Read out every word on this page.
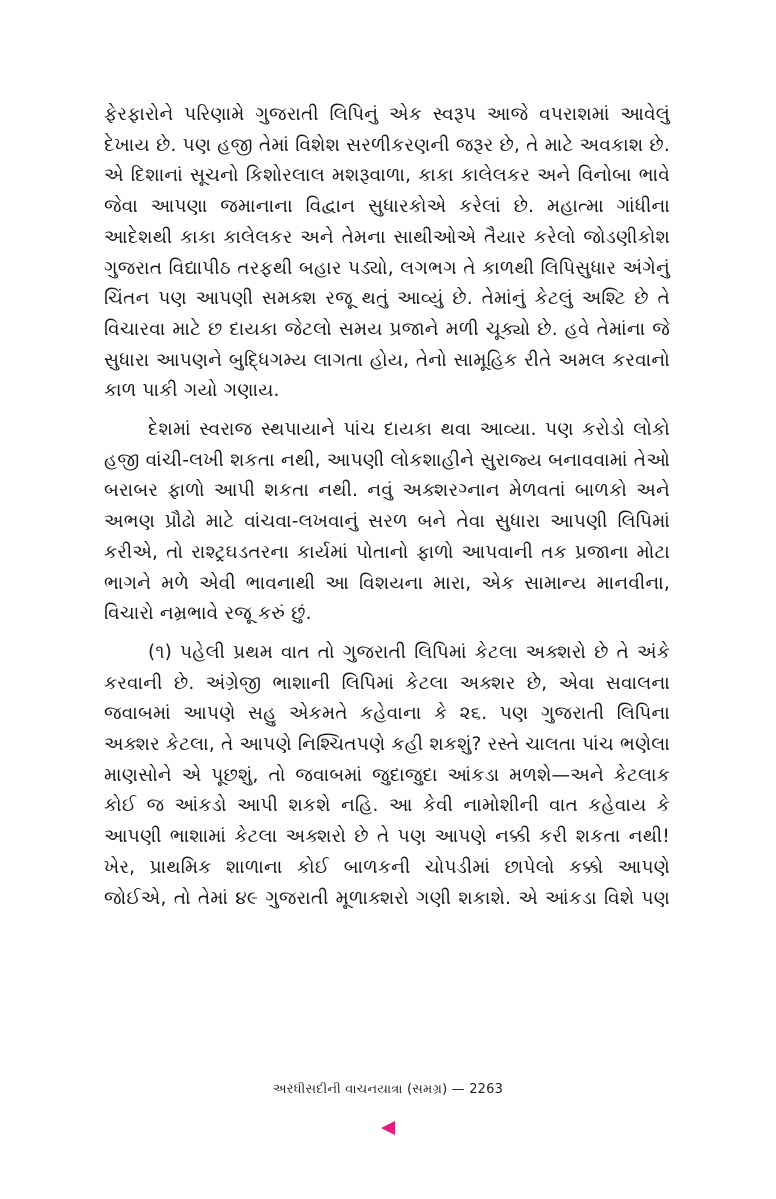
ફેરફારોને પરિણામે ગુજરાતી લિપિનું એક સ્વરૂપ આજે વપરાશમાં આવેલું દેખાય છે. પણ હજી તેમાં વિશેશ સરળીકરણની જરૂર છે, તે માટે અવકાશ છે. એ દિશાનાં સૂચનો કિશોરલાલ મશરૂવાળા, કાકા કાલેલકર અને વિનોબા ભાવે જેવા આપણા જમાનાના વિદ્વાન સુધારકોએ કરેલાં છે. મહાત્મા ગાંધીના આદેશથી કાકા કાલેલકર અને તેમના સાથીઓએ તૈયાર કરેલો જોડણીકોશ ગુજરાત વિદ્યાપીઠ તરફથી બહાર પડ્યો, લગભગ તે કાળથી લિપિસુધાર અંગેનું ચિંતન પણ આપણી સમક્શ રજૂ થતું આવ્યું છે. તેમાંનું કેટલું અશ્ટિ છે તે વિચારવા માટે છ દાયકા જેટલો સમય પ્રજાને મળી ચૂક્યો છે. હવે તેમાંના જે સુધારા આપણને બુદ્ધિગમ્ય લાગતા હોય, તેનો સામૂહિક રીતે અમલ કરવાનો કાળ પાકી ગયો ગણાય.

દેશમાં સ્વરાજ સ્થપાયાને પાંચ દાયકા થવા આવ્યા. પણ કરોડો લોકો હજી વાંચી-લખી શકતા નથી, આપણી લોકશાહીને સુરાજ્ય બનાવવામાં તેઓ બરાબર ફાળો આપી શકતા નથી. નવું અક્શરગ્નાન મેળવતાં બાળકો અને અભણ પ્રૌઢો માટે વાંચવા-લખવાનું સરળ બને તેવા સુધારા આપણી લિપિમાં કરીએ, તો રાશ્ટ્રઘડતરના કાર્યમાં પોતાનો ફાળો આપવાની તક પ્રજાના મોટા ભાગને મળે એવી ભાવનાથી આ વિશયના મારા, એક સામાન્ય માનવીના, વિચારો નમ્રભાવે રજૂ કરું છું.

(૧) પહેલી પ્રથમ વાત તો ગુજરાતી લિપિમાં કેટલા અક્શરો છે તે અંકે કરવાની છે. અંગ્રેજી ભાશાની લિપિમાં કેટલા અક્શર છે, એવા સવાલના જવાબમાં આપણે સહુ એકમતે કહેવાના કે ૨૬. પણ ગુજરાતી લિપિના અક્શર કેટલા, તે આપણે નિશ્ચિતપણે કહી શકશું? રસ્તે ચાલતા પાંચ ભણેલા માણસોને એ પૂછશું, તો જવાબમાં જુદાજુદા આંકડા મળશે—અને કેટલાક કોઈ જ આંકડો આપી શકશે નહિ. આ કેવી નામોશીની વાત કહેવાય કે આપણી ભાશામાં કેટલા અક્શરો છે તે પણ આપણે નક્કી કરી શકતા નથી! ખેર, પ્રાથમિક શાળાના કોઈ બાળકની ચોપડીમાં છાપેલો કક્કો આપણે જોઈએ, તો તેમાં ૪૯ ગુજરાતી મૂળાક્શરો ગણી શકાશે. એ આંકડા વિશે પણ

અરધીસદીની વાચનયાત્રા (સમગ્ર) — 2263
